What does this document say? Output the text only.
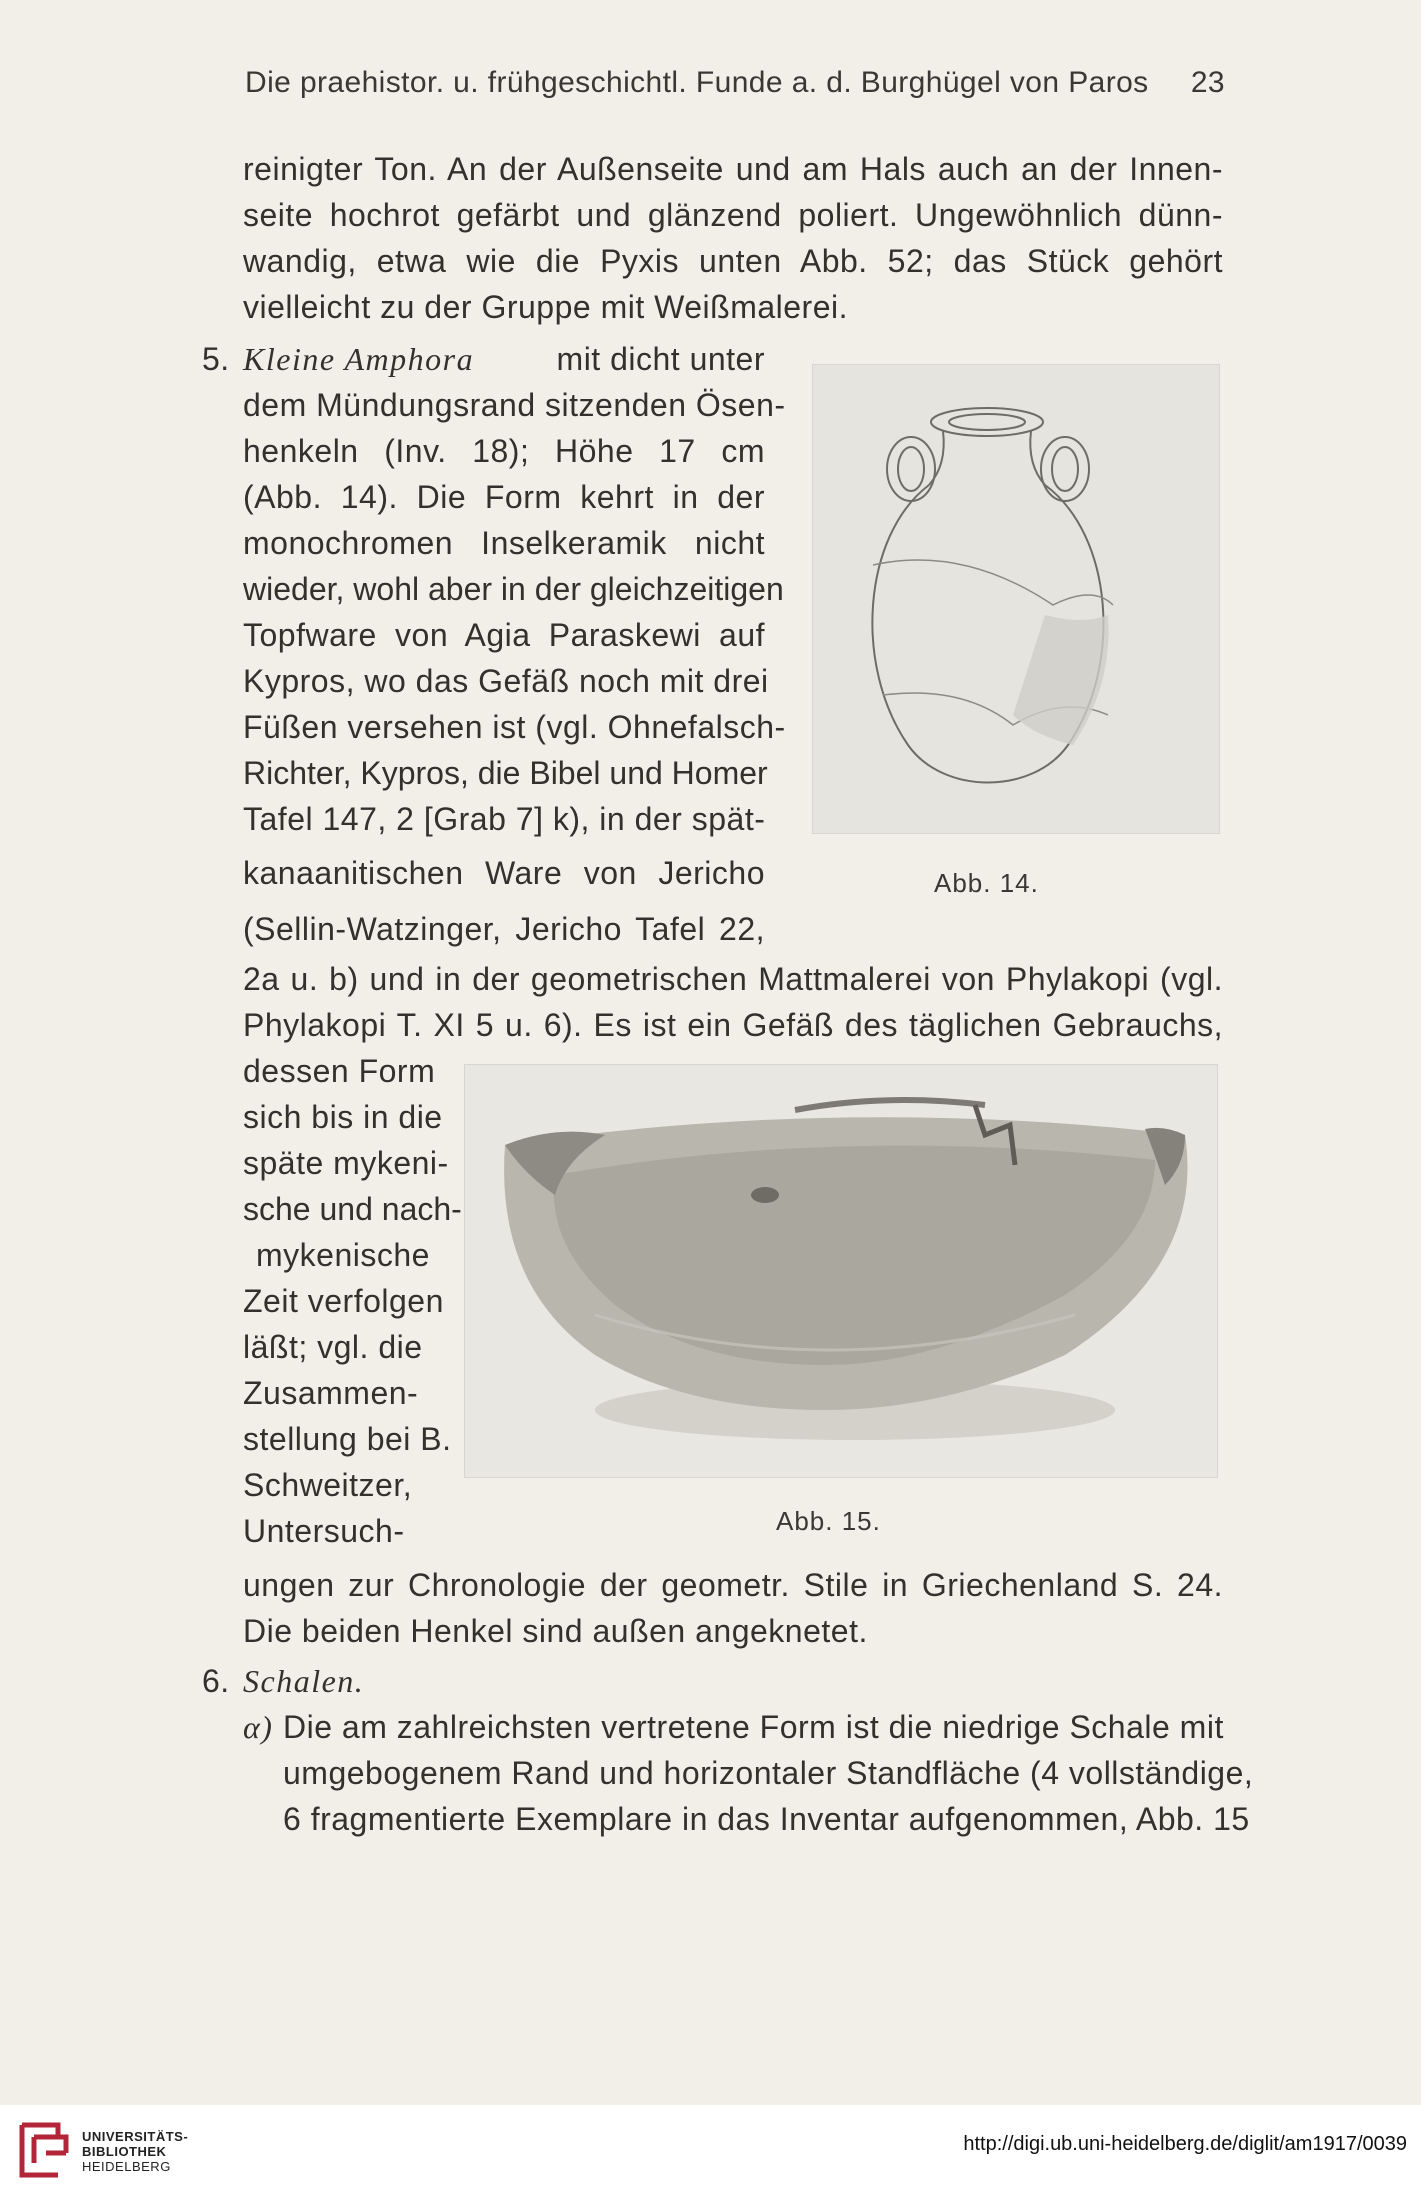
Die praehistor. u. frühgeschichtl. Funde a. d. Burghügel von Paros 23
reinigter Ton. An der Außenseite und am Hals auch an der Innen-
seite hochrot gefärbt und glänzend poliert. Ungewöhnlich dünn-
wandig, etwa wie die Pyxis unten Abb. 52; das Stück gehört
vielleicht zu der Gruppe mit Weißmalerei.
5. Kleine Amphora	mit dicht unter
dem Mündungsrand sitzenden Ösen-
henkeln (Inv. 18); Höhe 17 cm
(Abb. 14). Die Form kehrt in der
monochromen Inselkeramik nicht
wieder, wohl aber in der gleichzeitigen
Topfware von Agia Paraskewi auf
Kypros, wo das Gefäß noch mit drei
Füßen versehen ist (vgl. Ohnefalsch-
Richter, Kypros, die Bibel und Homer
Tafel 147, 2 [Grab 7] k), in der spät-
kanaanitischen Ware von Jericho
(Sellin-Watzinger, Jericho Tafel 22,
Abb. 14.
2a u. b) und in der geometrischen Mattmalerei von Phylakopi (vgl.
Phylakopi T. XI 5 u. 6). Es ist ein Gefäß des täglichen Gebrauchs,
dessen Form
sich bis in die
späte mykeni-
sche und nach-
mykenische
Zeit verfolgen
läßt; vgl. die
Zusammen-
stellung bei B.
Schweitzer,
Untersuch-	Abb. 15.
ungen zur Chronologie der geometr. Stile in Griechenland S. 24.
Die beiden Henkel sind außen angeknetet.
6. Schalen.
α) Die am zahlreichsten vertretene Form ist die niedrige Schale mit
umgebogenem Rand und horizontaler Standfläche (4 vollständige,
6 fragmentierte Exemplare in das Inventar aufgenommen, Abb. 15
UNIVERSITÄTS-
BIBLIOTHEK
HEIDELBERG
http://digi.ub.uni-heidelberg.de/diglit/am1917/0039
